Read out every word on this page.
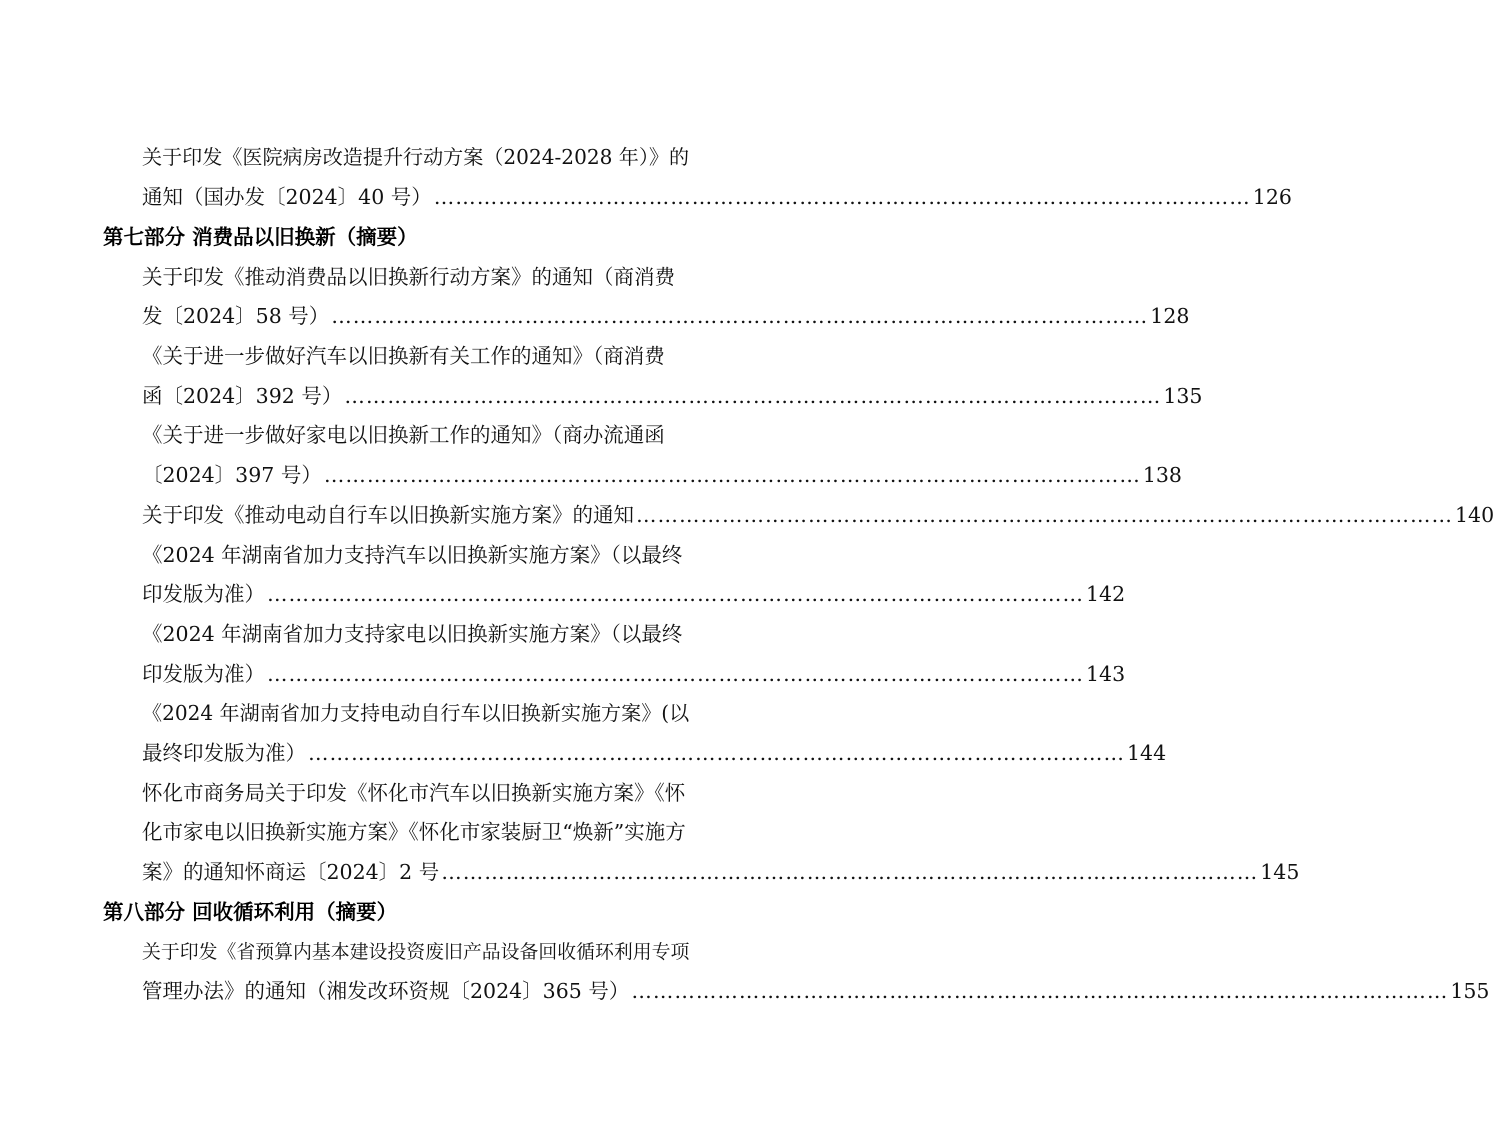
关于印发《医院病房改造提升行动方案（2024-2028 年）》的
通知（国办发〔2024〕40 号） …………………………………………………………………………………………………… 126
第七部分 消费品以旧换新（摘要）
关于印发《推动消费品以旧换新行动方案》的通知（商消费
发〔2024〕58 号） …………………………………………………………………………………………………… 128
《关于进一步做好汽车以旧换新有关工作的通知》（商消费
函〔2024〕392 号） …………………………………………………………………………………………………… 135
《关于进一步做好家电以旧换新工作的通知》（商办流通函
〔2024〕397 号） …………………………………………………………………………………………………… 138
关于印发《推动电动自行车以旧换新实施方案》的通知 …………………………………………………………………………………………………… 140
《2024 年湖南省加力支持汽车以旧换新实施方案》（以最终
印发版为准） …………………………………………………………………………………………………… 142
《2024 年湖南省加力支持家电以旧换新实施方案》（以最终
印发版为准） …………………………………………………………………………………………………… 143
《2024 年湖南省加力支持电动自行车以旧换新实施方案》(以
最终印发版为准） …………………………………………………………………………………………………… 144
怀化市商务局关于印发《怀化市汽车以旧换新实施方案》《怀
化市家电以旧换新实施方案》《怀化市家装厨卫“焕新”实施方
案》的通知怀商运〔2024〕2 号 …………………………………………………………………………………………………… 145
第八部分 回收循环利用（摘要）
关于印发《省预算内基本建设投资废旧产品设备回收循环利用专项
管理办法》的通知（湘发改环资规〔2024〕365 号） …………………………………………………………………………………………………… 155
